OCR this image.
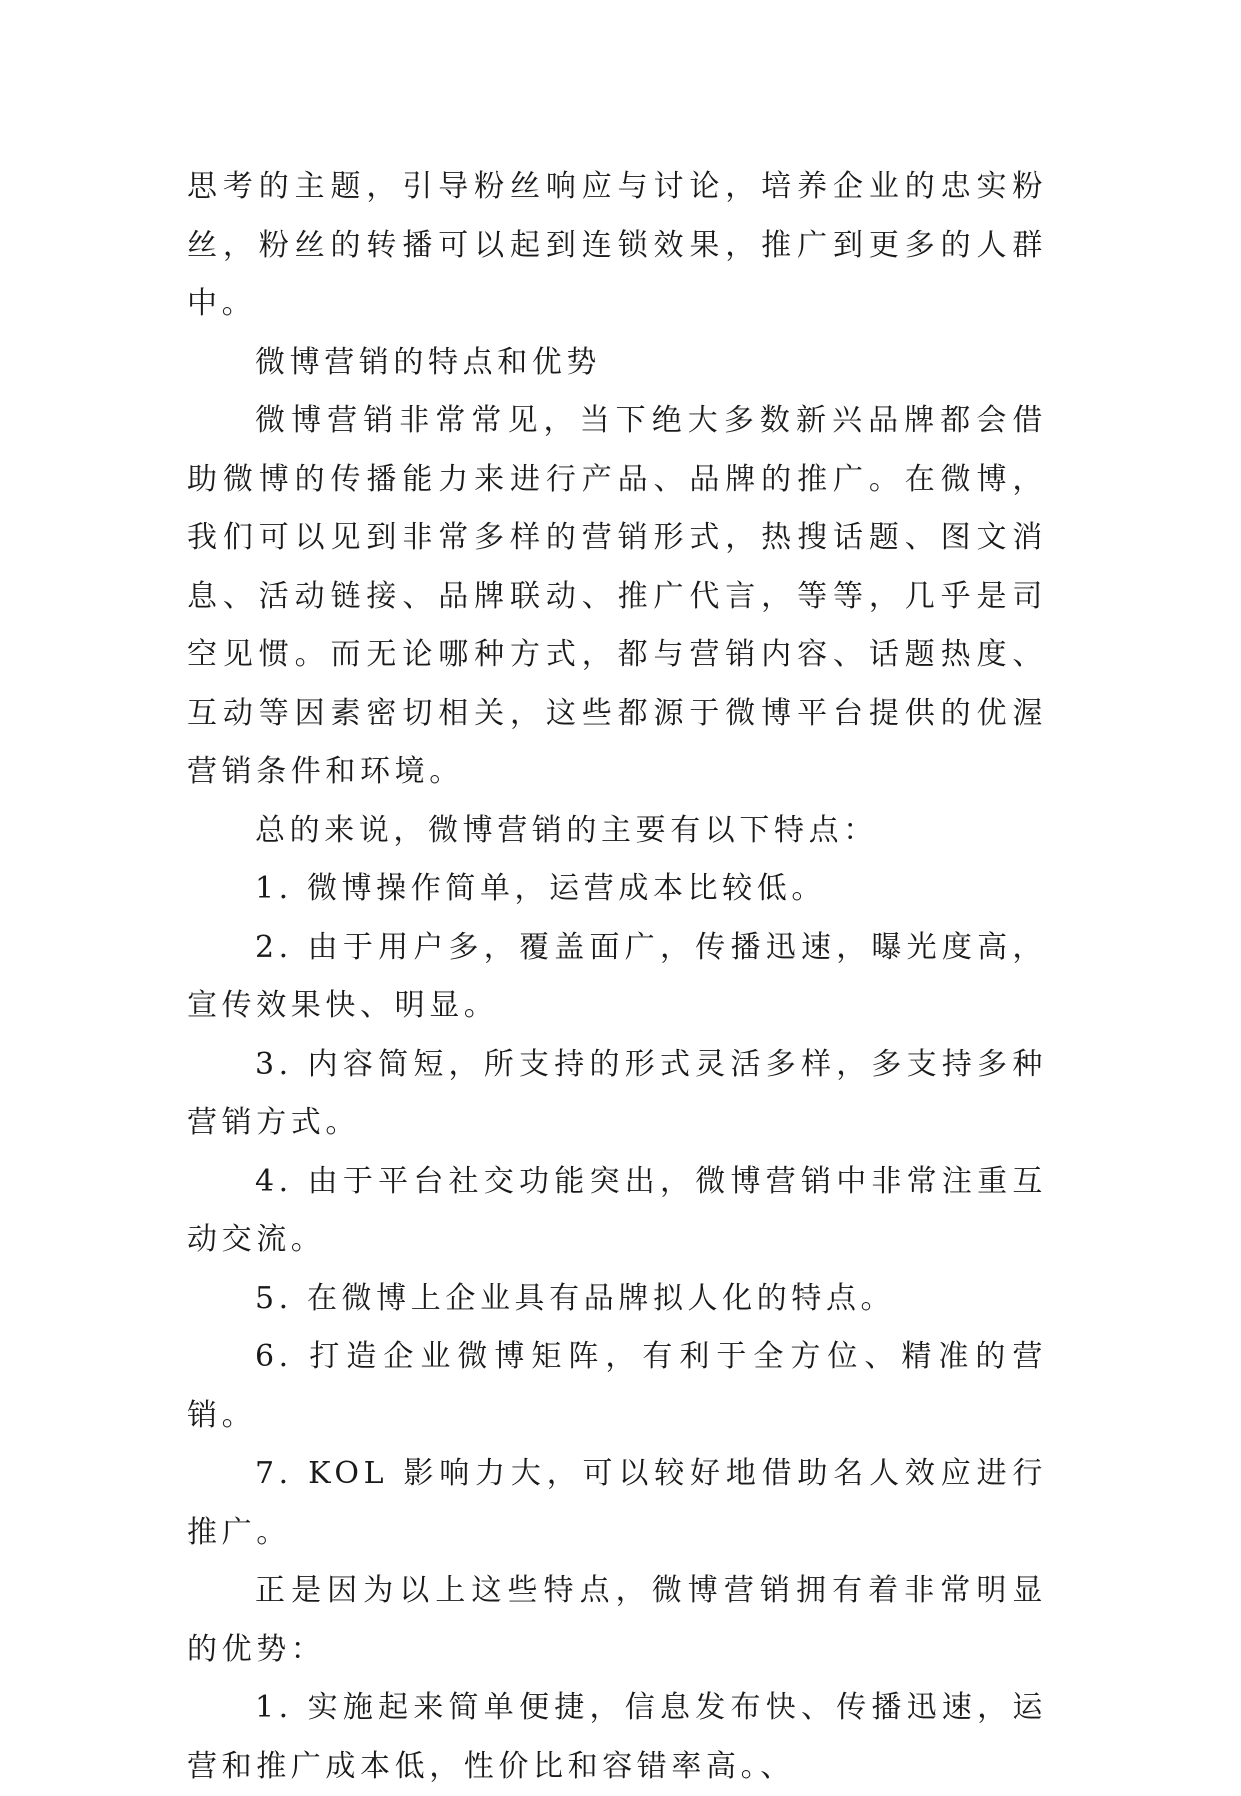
思考的主题，引导粉丝响应与讨论，培养企业的忠实粉丝，粉丝的转播可以起到连锁效果，推广到更多的人群中。

微博营销的特点和优势

微博营销非常常见，当下绝大多数新兴品牌都会借助微博的传播能力来进行产品、品牌的推广。在微博，我们可以见到非常多样的营销形式，热搜话题、图文消息、活动链接、品牌联动、推广代言，等等，几乎是司空见惯。而无论哪种方式，都与营销内容、话题热度、互动等因素密切相关，这些都源于微博平台提供的优渥营销条件和环境。

总的来说，微博营销的主要有以下特点：

1. 微博操作简单，运营成本比较低。

2. 由于用户多，覆盖面广，传播迅速，曝光度高，宣传效果快、明显。

3. 内容简短，所支持的形式灵活多样，多支持多种营销方式。

4. 由于平台社交功能突出，微博营销中非常注重互动交流。

5. 在微博上企业具有品牌拟人化的特点。

6. 打造企业微博矩阵，有利于全方位、精准的营销。

7. KOL 影响力大，可以较好地借助名人效应进行推广。

正是因为以上这些特点，微博营销拥有着非常明显的优势：

1. 实施起来简单便捷，信息发布快、传播迅速，运营和推广成本低，性价比和容错率高。、
